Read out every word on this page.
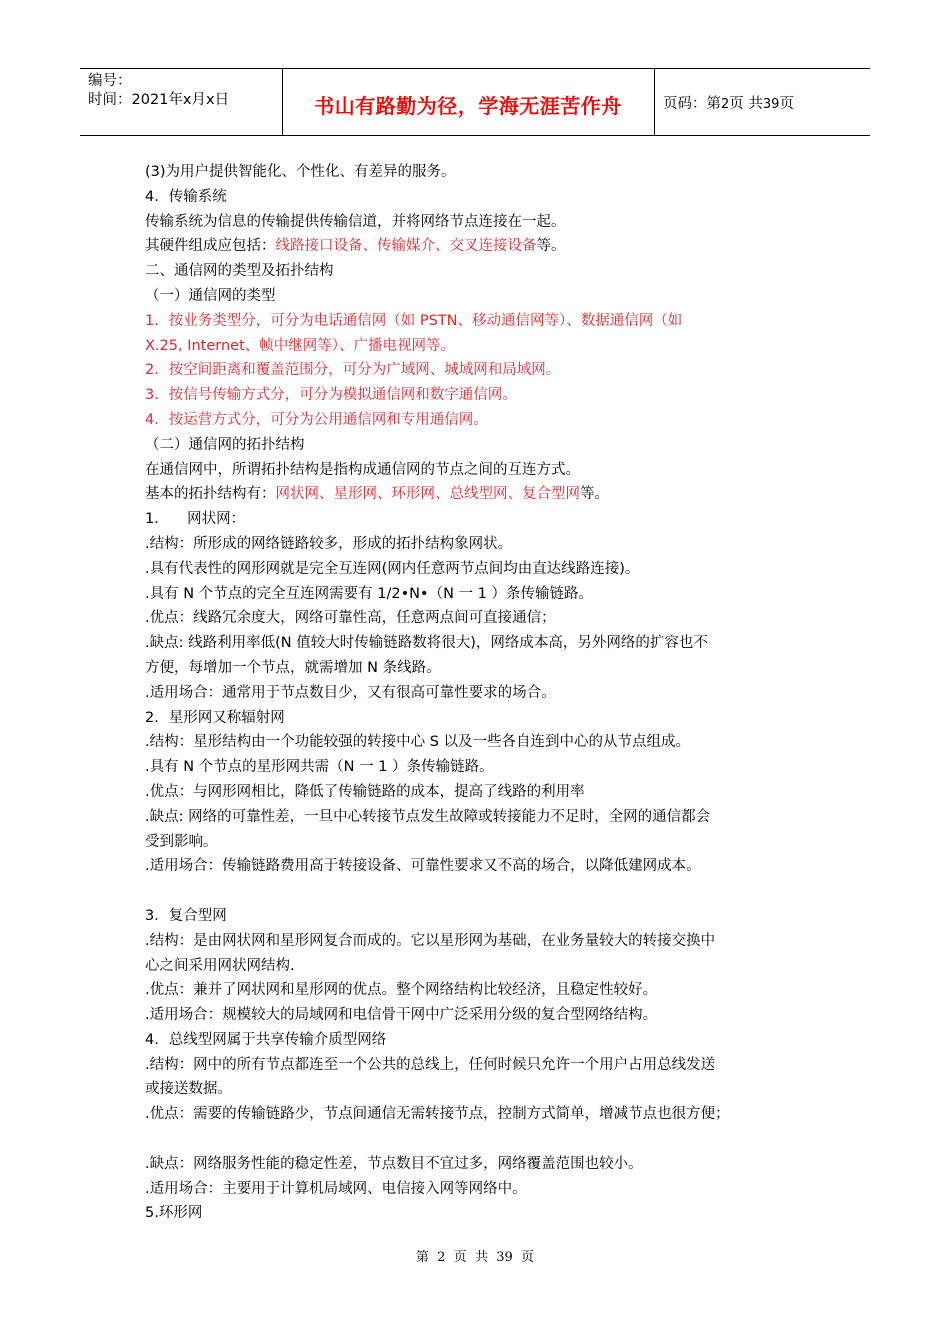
编号：
时间：2021年x月x日	书山有路勤为径，学海无涯苦作舟	页码：第2页 共39页
(3)为用户提供智能化、个性化、有差异的服务。
4．传输系统
传输系统为信息的传输提供传输信道，并将网络节点连接在一起。
其硬件组成应包括：线路接口设备、传输媒介、交叉连接设备等。
二、通信网的类型及拓扑结构
（一）通信网的类型
1．按业务类型分，可分为电话通信网（如 PSTN、移动通信网等）、数据通信网（如
X.25, Internet、帧中继网等）、广播电视网等。
2．按空间距离和覆盖范围分，可分为广域网、城域网和局域网。
3．按信号传输方式分，可分为模拟通信网和数字通信网。
4．按运营方式分，可分为公用通信网和专用通信网。
（二）通信网的拓扑结构
在通信网中，所谓拓扑结构是指构成通信网的节点之间的互连方式。
基本的拓扑结构有：网状网、星形网、环形网、总线型网、复合型网等。
1．    网状网：
.结构：所形成的网络链路较多，形成的拓扑结构象网状。
.具有代表性的网形网就是完全互连网(网内任意两节点间均由直达线路连接)。
.具有 N 个节点的完全互连网需要有 1/2•N•（N 一 1 ）条传输链路。
.优点：线路冗余度大，网络可靠性高，任意两点间可直接通信；
.缺点: 线路利用率低(N 值较大时传输链路数将很大)，网络成本高，另外网络的扩容也不
方便，每增加一个节点，就需增加 N 条线路。
.适用场合：通常用于节点数目少，又有很高可靠性要求的场合。
2．星形网又称辐射网
.结构：星形结构由一个功能较强的转接中心 S 以及一些各自连到中心的从节点组成。
.具有 N 个节点的星形网共需（N 一 1 ）条传输链路。
.优点：与网形网相比，降低了传输链路的成本，提高了线路的利用率
.缺点: 网络的可靠性差，一旦中心转接节点发生故障或转接能力不足时，全网的通信都会
受到影响。
.适用场合：传输链路费用高于转接设备、可靠性要求又不高的场合，以降低建网成本。
3．复合型网
.结构：是由网状网和星形网复合而成的。它以星形网为基础，在业务量较大的转接交换中
心之间采用网状网结构.
.优点：兼并了网状网和星形网的优点。整个网络结构比较经济，且稳定性较好。
.适用场合：规模较大的局域网和电信骨干网中广泛采用分级的复合型网络结构。
4．总线型网属于共享传输介质型网络
.结构：网中的所有节点都连至一个公共的总线上，任何时候只允许一个用户占用总线发送
或接送数据。
.优点：需要的传输链路少，节点间通信无需转接节点，控制方式简单，增减节点也很方便；
.缺点：网络服务性能的稳定性差，节点数目不宜过多，网络覆盖范围也较小。
.适用场合：主要用于计算机局域网、电信接入网等网络中。
5.环形网
第  2  页  共  39  页
